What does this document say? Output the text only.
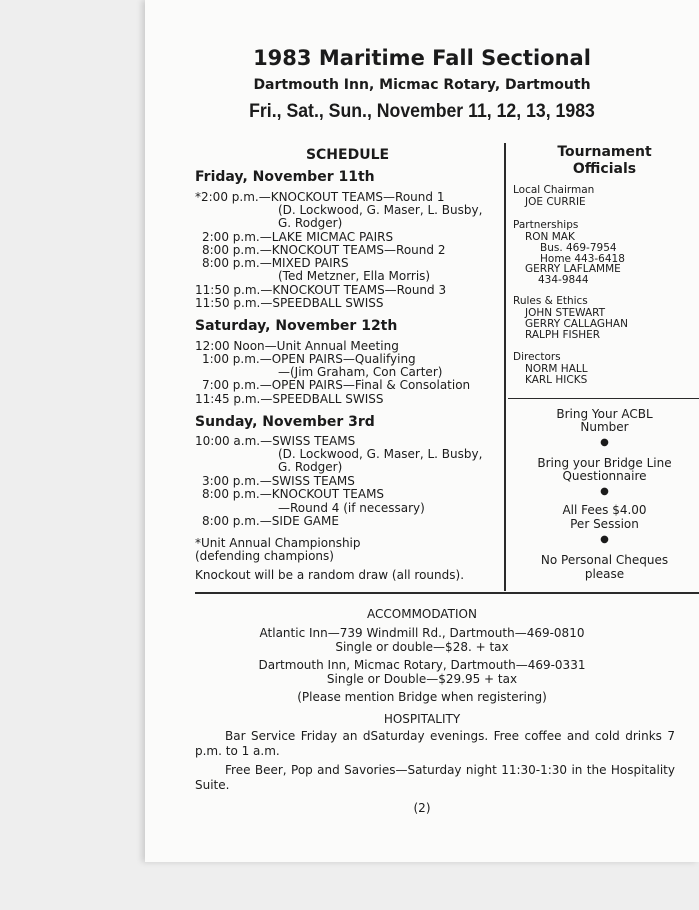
1983 Maritime Fall Sectional
Dartmouth Inn, Micmac Rotary, Dartmouth
Fri., Sat., Sun., November 11, 12, 13, 1983
SCHEDULE
Friday, November 11th
*2:00 p.m.—KNOCKOUT TEAMS—Round 1
(D. Lockwood, G. Maser, L. Busby,
G. Rodger)
2:00 p.m.—LAKE MICMAC PAIRS
8:00 p.m.—KNOCKOUT TEAMS—Round 2
8:00 p.m.—MIXED PAIRS
(Ted Metzner, Ella Morris)
11:50 p.m.—KNOCKOUT TEAMS—Round 3
11:50 p.m.—SPEEDBALL SWISS
Saturday, November 12th
12:00 Noon—Unit Annual Meeting
1:00 p.m.—OPEN PAIRS—Qualifying
—(Jim Graham, Con Carter)
7:00 p.m.—OPEN PAIRS—Final & Consolation
11:45 p.m.—SPEEDBALL SWISS
Sunday, November 3rd
10:00 a.m.—SWISS TEAMS
(D. Lockwood, G. Maser, L. Busby,
G. Rodger)
3:00 p.m.—SWISS TEAMS
8:00 p.m.—KNOCKOUT TEAMS
—Round 4 (if necessary)
8:00 p.m.—SIDE GAME
*Unit Annual Championship
(defending champions)
Knockout will be a random draw (all rounds).
Tournament
Officials
Local Chairman
JOE CURRIE
Partnerships
RON MAK
Bus. 469-7954
Home 443-6418
GERRY LAFLAMME
434-9844
Rules & Ethics
JOHN STEWART
GERRY CALLAGHAN
RALPH FISHER
Directors
NORM HALL
KARL HICKS
Bring Your ACBL
Number
●
Bring your Bridge Line
Questionnaire
●
All Fees $4.00
Per Session
●
No Personal Cheques
please
ACCOMMODATION
Atlantic Inn—739 Windmill Rd., Dartmouth—469-0810
Single or double—$28. + tax
Dartmouth Inn, Micmac Rotary, Dartmouth—469-0331
Single or Double—$29.95 + tax
(Please mention Bridge when registering)
HOSPITALITY
Bar Service Friday an dSaturday evenings. Free coffee and cold drinks 7 p.m. to 1 a.m.
Free Beer, Pop and Savories—Saturday night 11:30-1:30 in the Hospitality Suite.
(2)
